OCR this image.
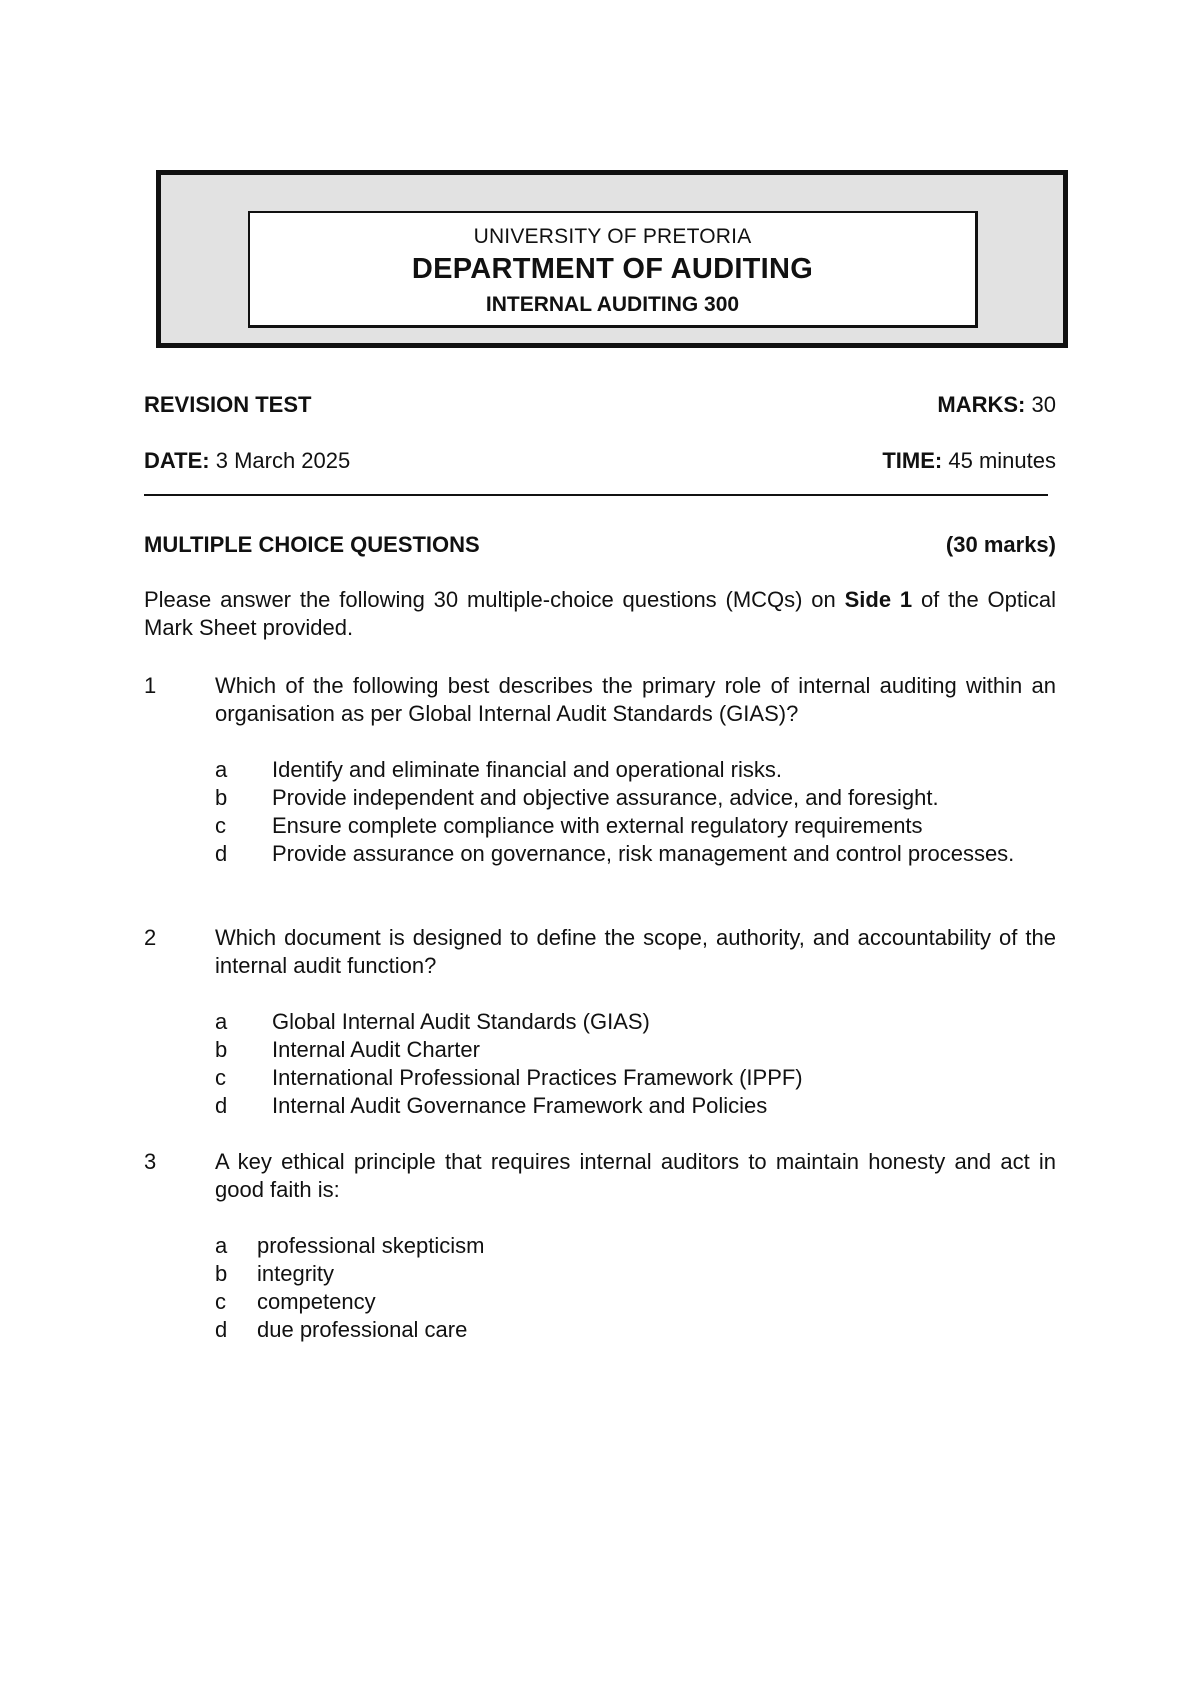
UNIVERSITY OF PRETORIA
DEPARTMENT OF AUDITING
INTERNAL AUDITING 300
REVISION TEST	MARKS: 30
DATE: 3 March 2025	TIME: 45 minutes
MULTIPLE CHOICE QUESTIONS	(30 marks)
Please answer the following 30 multiple-choice questions (MCQs) on Side 1 of the Optical Mark Sheet provided.
1	Which of the following best describes the primary role of internal auditing within an organisation as per Global Internal Audit Standards (GIAS)?
a Identify and eliminate financial and operational risks.
b Provide independent and objective assurance, advice, and foresight.
c Ensure complete compliance with external regulatory requirements
d Provide assurance on governance, risk management and control processes.
2	Which document is designed to define the scope, authority, and accountability of the internal audit function?
a Global Internal Audit Standards (GIAS)
b Internal Audit Charter
c International Professional Practices Framework (IPPF)
d Internal Audit Governance Framework and Policies
3	A key ethical principle that requires internal auditors to maintain honesty and act in good faith is:
a professional skepticism
b integrity
c competency
d due professional care
